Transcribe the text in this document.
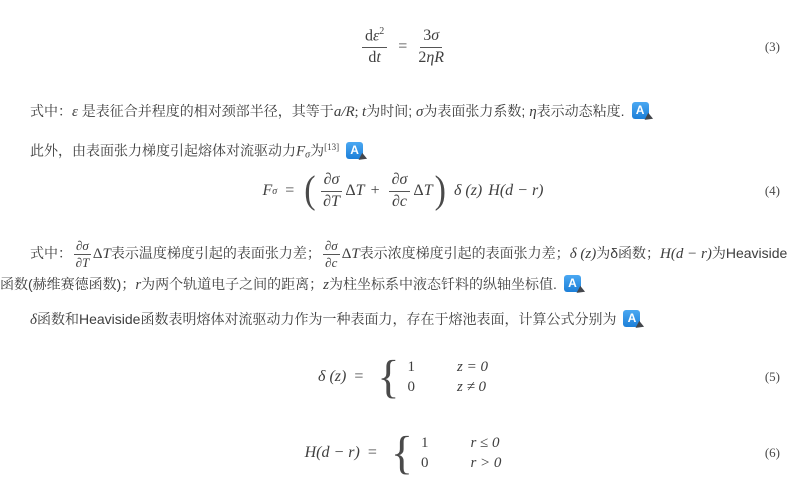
$\frac{d\varepsilon^2}{dt} = \frac{3\sigma}{2\eta R}$	(3)
式中：ε 是表征合并程度的相对颈部半径，其等于a/R; t为时间; σ为表面张力系数; η表示动态粘度. A
此外，由表面张力梯度引起熔体对流驱动力$F_\sigma$为[13] A
F σ = ( $\frac{\partial\sigma}{\partial T}$ Δ $T + \frac{\partial\sigma}{\partial c}$ Δ T ) δ (z) H(d − r)	(4)
式中： $\frac{\partial\sigma}{\partial T}$ ΔT表示温度梯度引起的表面张力差； $\frac{\partial\sigma}{\partial c}$ ΔT表示浓度梯度引起的表面张力差；δ (z)为δ函数；H(d − r)为Heaviside函数(赫维赛德函数)；r为两个轨道电子之间的距离；z为柱坐标系中液态钎料的纵轴坐标值. A
δ函数和Heaviside函数表明熔体对流驱动力作为一种表面力，存在于熔池表面，计算公式分别为 A
δ (z) = { 1	z = 0
0	z ≠ 0
(5)
H(d − r) = { 1	r ≤ 0
0	r > 0
(6)
